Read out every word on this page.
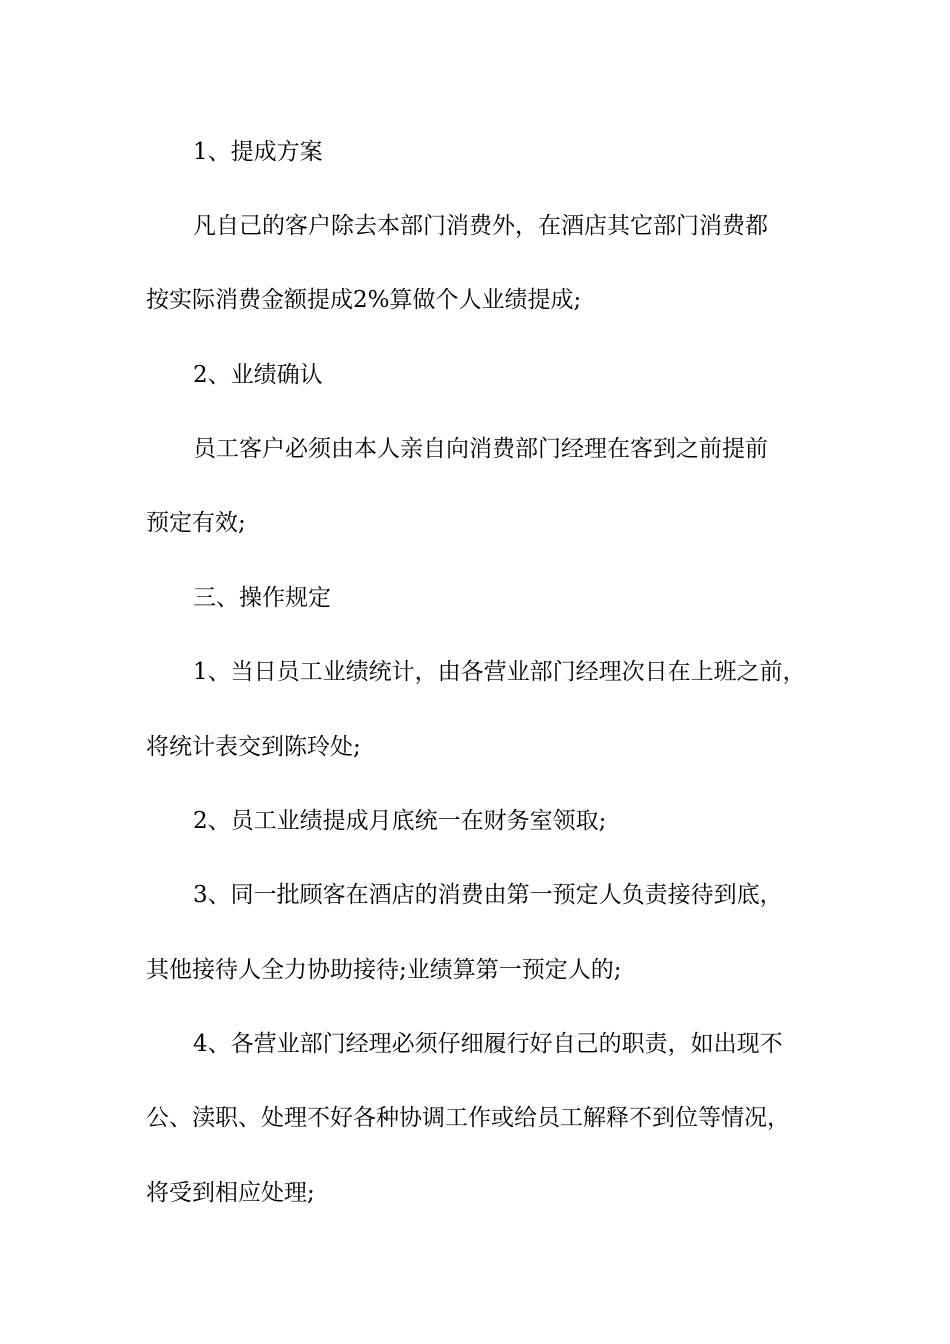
1、提成方案
凡自己的客户除去本部门消费外，在酒店其它部门消费都
按实际消费金额提成2%算做个人业绩提成;
2、业绩确认
员工客户必须由本人亲自向消费部门经理在客到之前提前
预定有效;
三、操作规定
1、当日员工业绩统计，由各营业部门经理次日在上班之前，
将统计表交到陈玲处;
2、员工业绩提成月底统一在财务室领取;
3、同一批顾客在酒店的消费由第一预定人负责接待到底，
其他接待人全力协助接待;业绩算第一预定人的;
4、各营业部门经理必须仔细履行好自己的职责，如出现不
公、渎职、处理不好各种协调工作或给员工解释不到位等情况，
将受到相应处理;
